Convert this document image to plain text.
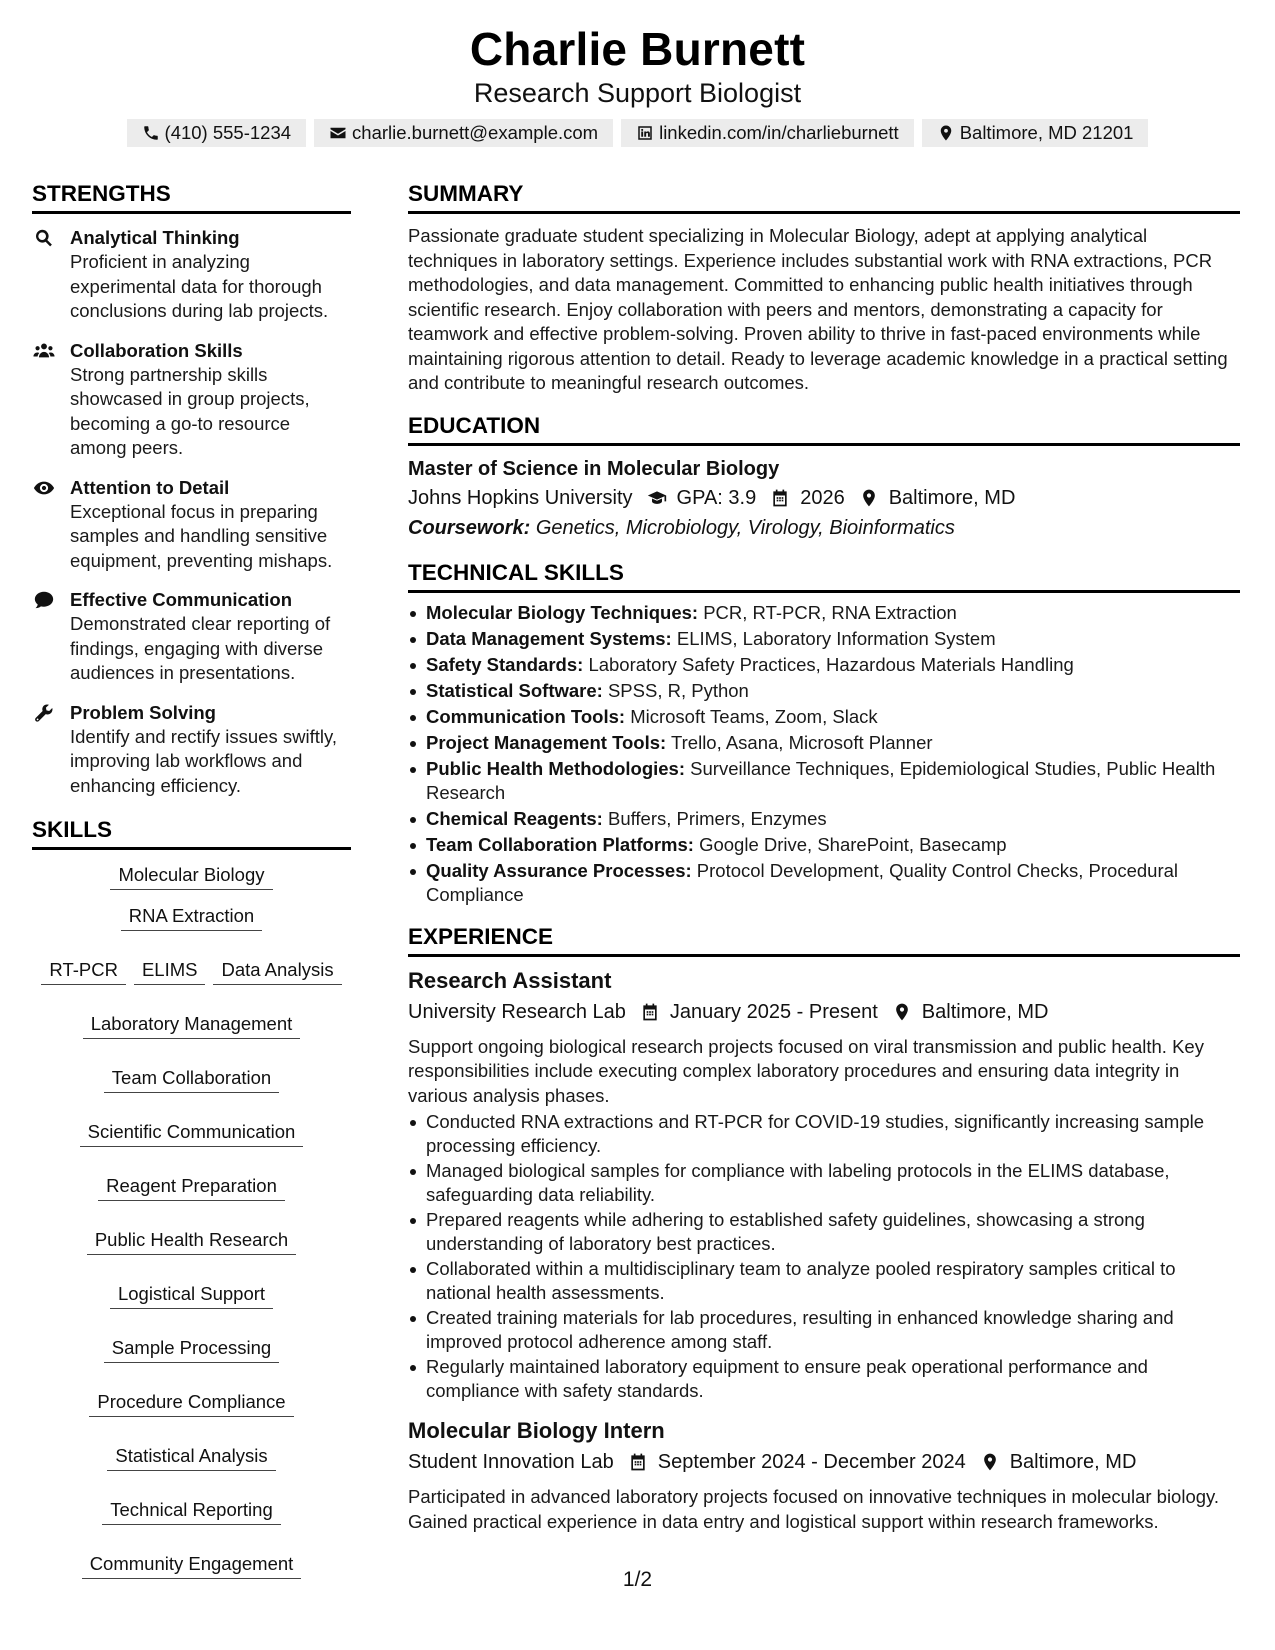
Charlie Burnett
Research Support Biologist
(410) 555-1234	charlie.burnett@example.com	linkedin.com/in/charlieburnett	Baltimore, MD 21201
STRENGTHS
Analytical Thinking
Proficient in analyzing experimental data for thorough conclusions during lab projects.
Collaboration Skills
Strong partnership skills showcased in group projects, becoming a go-to resource among peers.
Attention to Detail
Exceptional focus in preparing samples and handling sensitive equipment, preventing mishaps.
Effective Communication
Demonstrated clear reporting of findings, engaging with diverse audiences in presentations.
Problem Solving
Identify and rectify issues swiftly, improving lab workflows and enhancing efficiency.
SKILLS
Molecular Biology
RNA Extraction
RT-PCR	ELIMS	Data Analysis
Laboratory Management
Team Collaboration
Scientific Communication
Reagent Preparation
Public Health Research
Logistical Support
Sample Processing
Procedure Compliance
Statistical Analysis
Technical Reporting
Community Engagement
SUMMARY
Passionate graduate student specializing in Molecular Biology, adept at applying analytical techniques in laboratory settings. Experience includes substantial work with RNA extractions, PCR methodologies, and data management. Committed to enhancing public health initiatives through scientific research. Enjoy collaboration with peers and mentors, demonstrating a capacity for teamwork and effective problem-solving. Proven ability to thrive in fast-paced environments while maintaining rigorous attention to detail. Ready to leverage academic knowledge in a practical setting and contribute to meaningful research outcomes.
EDUCATION
Master of Science in Molecular Biology
Johns Hopkins University GPA: 3.9 2026 Baltimore, MD
Coursework: Genetics, Microbiology, Virology, Bioinformatics
TECHNICAL SKILLS
Molecular Biology Techniques: PCR, RT-PCR, RNA Extraction
Data Management Systems: ELIMS, Laboratory Information System
Safety Standards: Laboratory Safety Practices, Hazardous Materials Handling
Statistical Software: SPSS, R, Python
Communication Tools: Microsoft Teams, Zoom, Slack
Project Management Tools: Trello, Asana, Microsoft Planner
Public Health Methodologies: Surveillance Techniques, Epidemiological Studies, Public Health Research
Chemical Reagents: Buffers, Primers, Enzymes
Team Collaboration Platforms: Google Drive, SharePoint, Basecamp
Quality Assurance Processes: Protocol Development, Quality Control Checks, Procedural Compliance
EXPERIENCE
Research Assistant
University Research Lab January 2025 - Present Baltimore, MD
Support ongoing biological research projects focused on viral transmission and public health. Key responsibilities include executing complex laboratory procedures and ensuring data integrity in various analysis phases.
Conducted RNA extractions and RT-PCR for COVID-19 studies, significantly increasing sample processing efficiency.
Managed biological samples for compliance with labeling protocols in the ELIMS database, safeguarding data reliability.
Prepared reagents while adhering to established safety guidelines, showcasing a strong understanding of laboratory best practices.
Collaborated within a multidisciplinary team to analyze pooled respiratory samples critical to national health assessments.
Created training materials for lab procedures, resulting in enhanced knowledge sharing and improved protocol adherence among staff.
Regularly maintained laboratory equipment to ensure peak operational performance and compliance with safety standards.
Molecular Biology Intern
Student Innovation Lab September 2024 - December 2024 Baltimore, MD
Participated in advanced laboratory projects focused on innovative techniques in molecular biology. Gained practical experience in data entry and logistical support within research frameworks.
1/2
